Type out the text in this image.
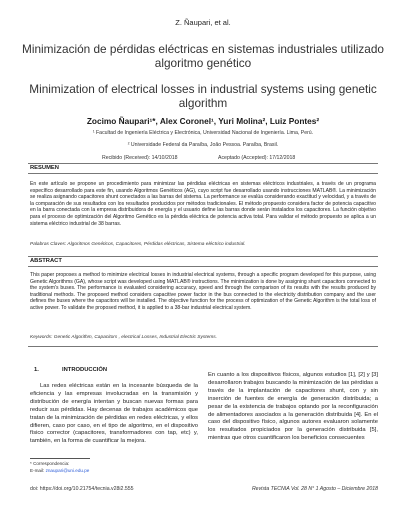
Z. Ñaupari, et al.
Minimización de pérdidas eléctricas en sistemas industriales utilizado algoritmo genético
Minimization of electrical losses in industrial systems using genetic algorithm
Zocimo Ñaupari¹*, Alex Coronel¹, Yuri Molina², Luiz Pontes²
¹ Facultad de Ingeniería Eléctrica y Electrónica, Universidad Nacional de Ingeniería. Lima, Perú.
² Universidade Federal da Paraíba, João Pessoa. Paraíba, Brasil.
Recibido (Received): 14/10/2018	Aceptado (Accepted): 17/12/2018
RESUMEN
En este artículo se propone un procedimiento para minimizar las pérdidas eléctricas en sistemas eléctricos industriales, a través de un programa específico desarrollado para este fin, usando Algoritmos Genéticos (AG), cuyo script fue desarrollado usando instrucciones MATLAB®. La minimización se realiza asignando capacitores shunt conectados a las barras del sistema. La performance se evalúa considerando exactitud y velocidad, y a través de la comparación de sus resultados con los resultados producidos por métodos tradicionales. El método propuesto considera factor de potencia capacitivo en la barra conectada con la empresa distribuidora de energía y el usuario define las barras donde serán instalados los capacitores. La función objetivo para el proceso de optimización del Algoritmo Genético es la pérdida eléctrica de potencia activa total. Para validar el método propuesto se aplica a un sistema eléctrico industrial de 38 barras.
Palabras Claves: Algoritmos Genéticos, Capacitores, Pérdidas eléctricas, Sistema eléctrico industrial.
ABSTRACT
This paper proposes a method to minimize electrical losses in industrial electrical systems, through a specific program developed for this purpose, using Genetic Algorithms (GA), whose script was developed using MATLAB® instructions. The minimization is done by assigning shunt capacitors connected to the system's buses. The performance is evaluated considering accuracy, speed and through the comparison of its results with the results produced by traditional methods. The proposed method considers capacitive power factor in the bus connected to the electricity distribution company and the user defines the buses where the capacitors will be installed. The objective function for the process of optimization of the Genetic Algorithm is the total loss of active power. To validate the proposed method, it is applied to a 38-bar industrial electrical system.
Keywords: Genetic Algorithm, Capacitors , electrical Losses, Industrial Electric Systems.
1.	INTRODUCCIÓN
Las redes eléctricas están en la incesante búsqueda de la eficiencia y las empresas involucradas en la transmisión y distribución de energía intentan y buscan nuevas formas para reducir sus pérdidas. Hay decenas de trabajos académicos que tratan de la minimización de pérdidas en redes eléctricas, y ellos difieren, caso por caso, en el tipo de algoritmo, en el dispositivo físico corrector (capacitores, transformadores con tap, etc) y, también, en la forma de cuantificar la mejora.
En cuanto a los dispositivos físicos, algunos estudios [1], [2] y [3] desarrollaron trabajos buscando la minimización de las pérdidas a través de la implantación de capacitores shunt, con y sin inserción de fuentes de energía de generación distribuida; a pesar de la existencia de trabajos optando por la reconfiguración de alimentadores asociados a la generación distribuida [4]. En el caso del dispositivo físico, algunos autores evaluaron solamente los resultados propiciados por la generación distribuida [5], mientras que otros cuantificaron los beneficios consecuentes
* Correspondencia:
E-mail: znaupari@uni.edu.pe
doi: https://doi.org/10.21754/tecnia.v28i2.555	Revista TECNIA Vol. 28 N° 1 Agosto – Diciembre 2018
